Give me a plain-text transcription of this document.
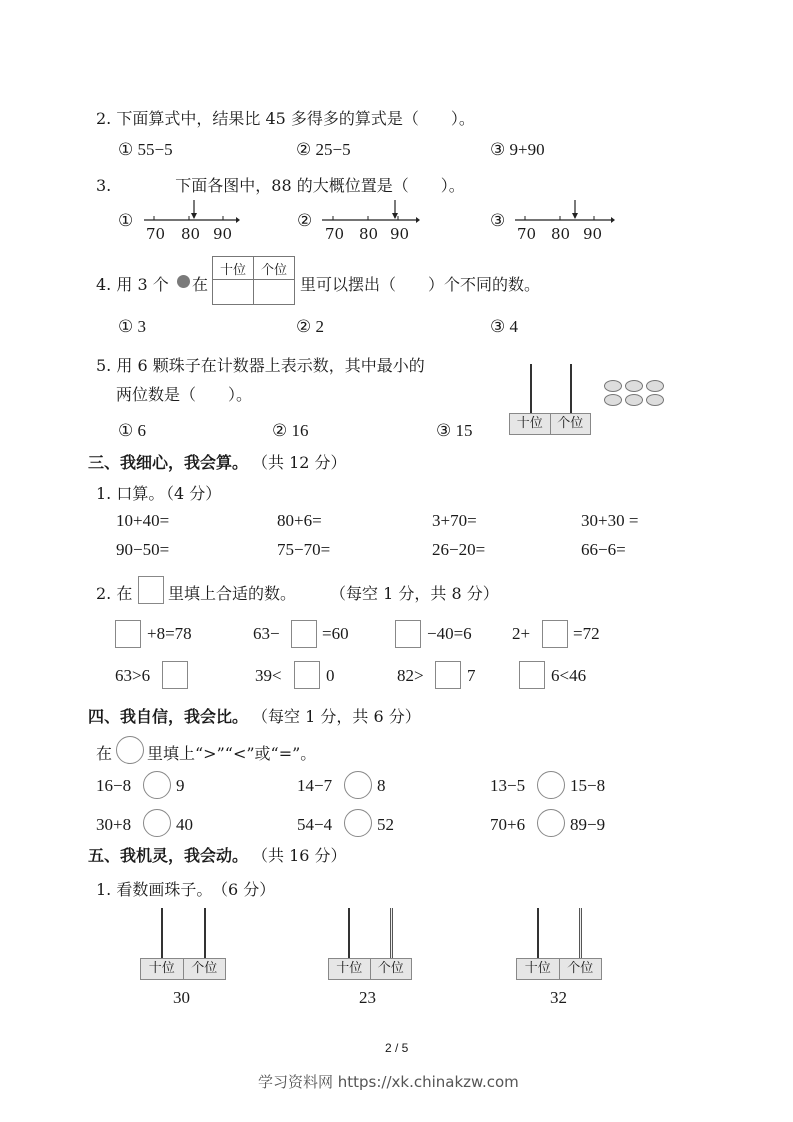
2. 下面算式中，结果比 45 多得多的算式是（　　）。
① 55−5	② 25−5	③ 9+90
3.　　　　下面各图中，88 的大概位置是（　　）。
①
70 80 90
②
70 80 90
③
70 80 90
4. 用 3 个 在
十位	个位

里可以摆出（　　）个不同的数。
① 3	② 2	③ 4
5. 用 6 颗珠子在计数器上表示数，其中最小的
两位数是（　　）。
① 6	② 16	③ 15	十位	个位
三、我细心，我会算。 （共 12 分）
1. 口算。
（4 分）
10+40=	80+6=	3+70=	30+30 =
90−50=	75−70=	26−20=	66−6=
2. 在 里填上合适的数。 （每空 1 分，共 8 分）
+8=78	63− =60	−40=6 2+	=72
63>6	39<	0	82>	7	6<46
四、我自信，我会比。 （每空 1 分，共 6 分）
在 里填上“>”“<”或“=”。
16−8	9	14−7	8	13−5	15−8
30+8	40	54−4	52	70+6	89−9
五、我机灵，我会动。 （共 16 分）
1. 看数画珠子。 （6 分）
十位	个位
30
十位	个位
23
十位	个位
32
2 / 5
学习资料网 https://xk.chinakzw.com
